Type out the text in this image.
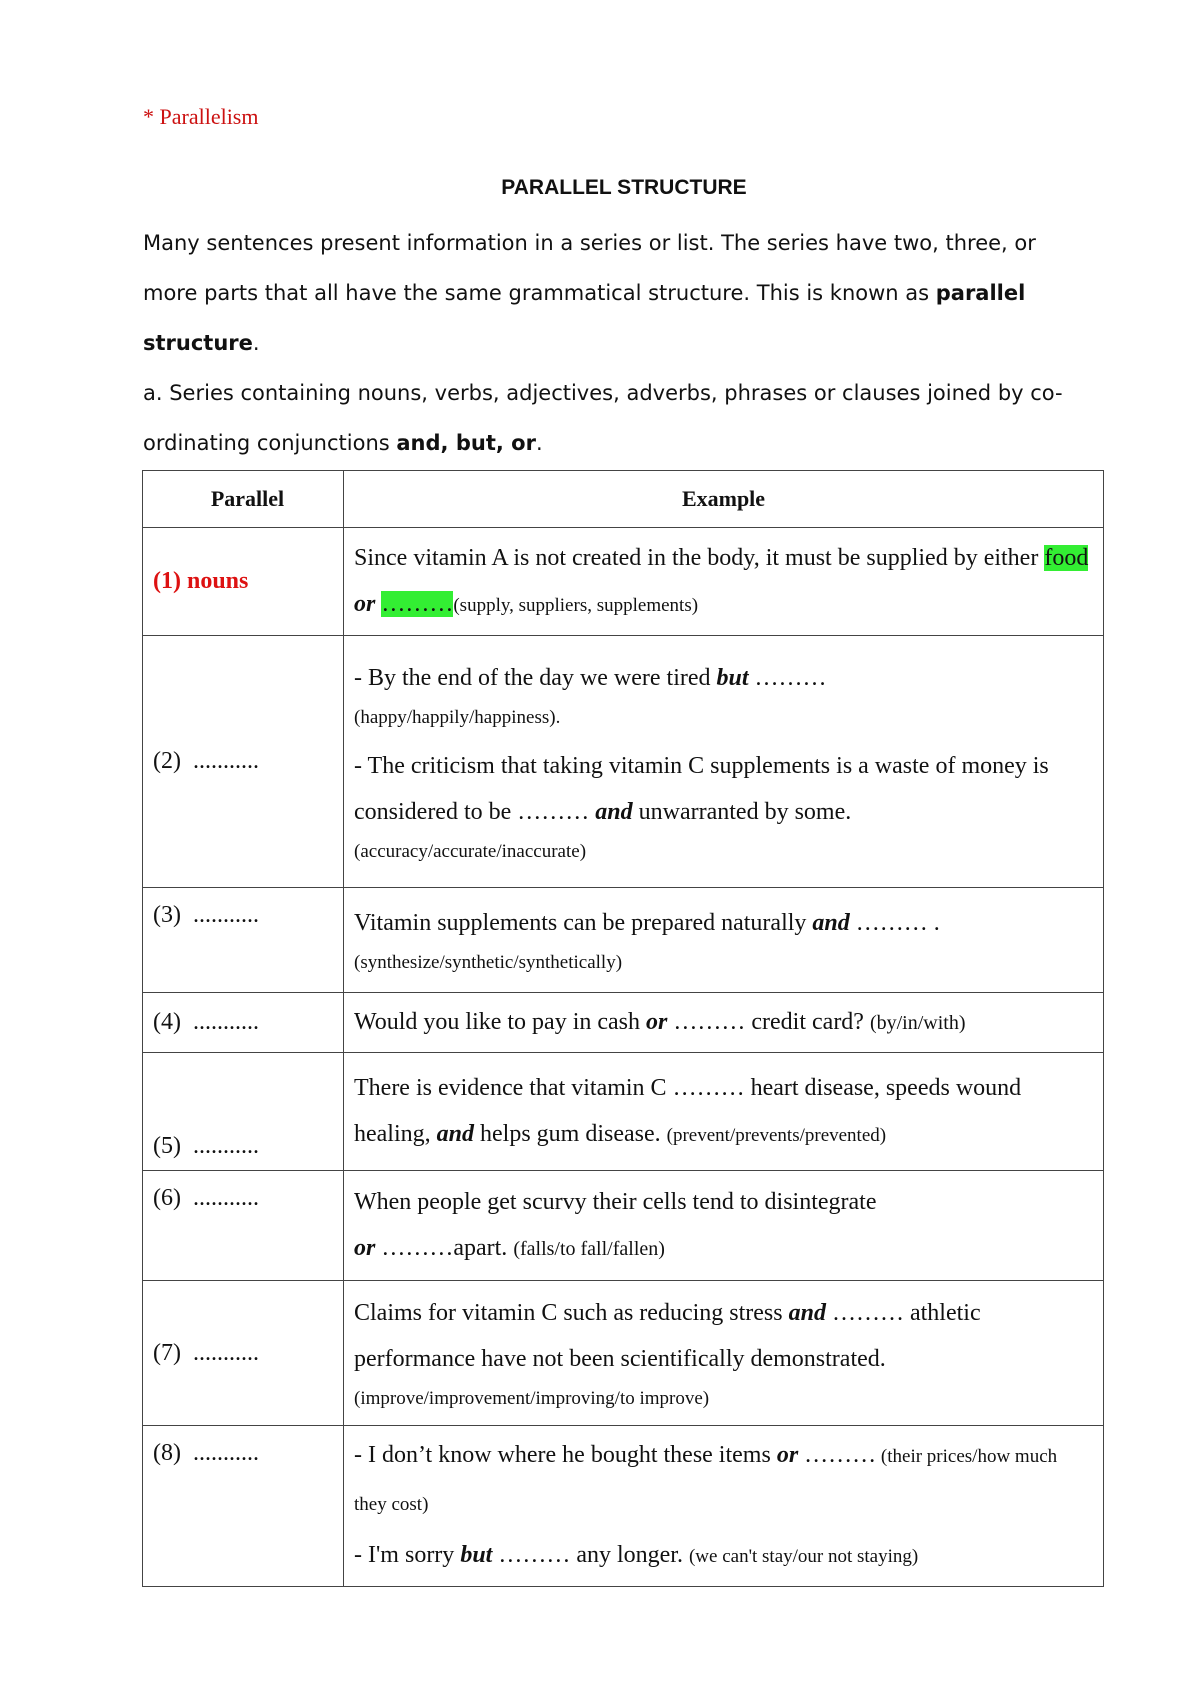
* Parallelism
PARALLEL STRUCTURE

Many sentences present information in a series or list. The series have two, three, or more parts that all have the same grammatical structure. This is known as parallel structure.

a. Series containing nouns, verbs, adjectives, adverbs, phrases or clauses joined by co-ordinating conjunctions and, but, or.

Parallel	Example
(1) nouns	Since vitamin A is not created in the body, it must be supplied by either food or ………(supply, suppliers, supplements)
(2) ...........	- By the end of the day we were tired but ………
(happy/happily/happiness).
- The criticism that taking vitamin C supplements is a waste of money is considered to be ……… and unwarranted by some.
(accuracy/accurate/inaccurate)

(3) ...........	Vitamin supplements can be prepared naturally and ……… .
(synthesize/synthetic/synthetically)

(4) ...........	Would you like to pay in cash or ……… credit card? (by/in/with)
(5) ...........	There is evidence that vitamin C ……… heart disease, speeds wound healing, and helps gum disease. (prevent/prevents/prevented)
(6) ...........	When people get scurvy their cells tend to disintegrate
or ………apart. (falls/to fall/fallen)

(7) ...........	Claims for vitamin C such as reducing stress and ……… athletic performance have not been scientifically demonstrated.
(improve/improvement/improving/to improve)

(8) ...........	- I don’t know where he bought these items or ……… (their prices/how much they cost)
- I'm sorry but ……… any longer. (we can't stay/our not staying)
